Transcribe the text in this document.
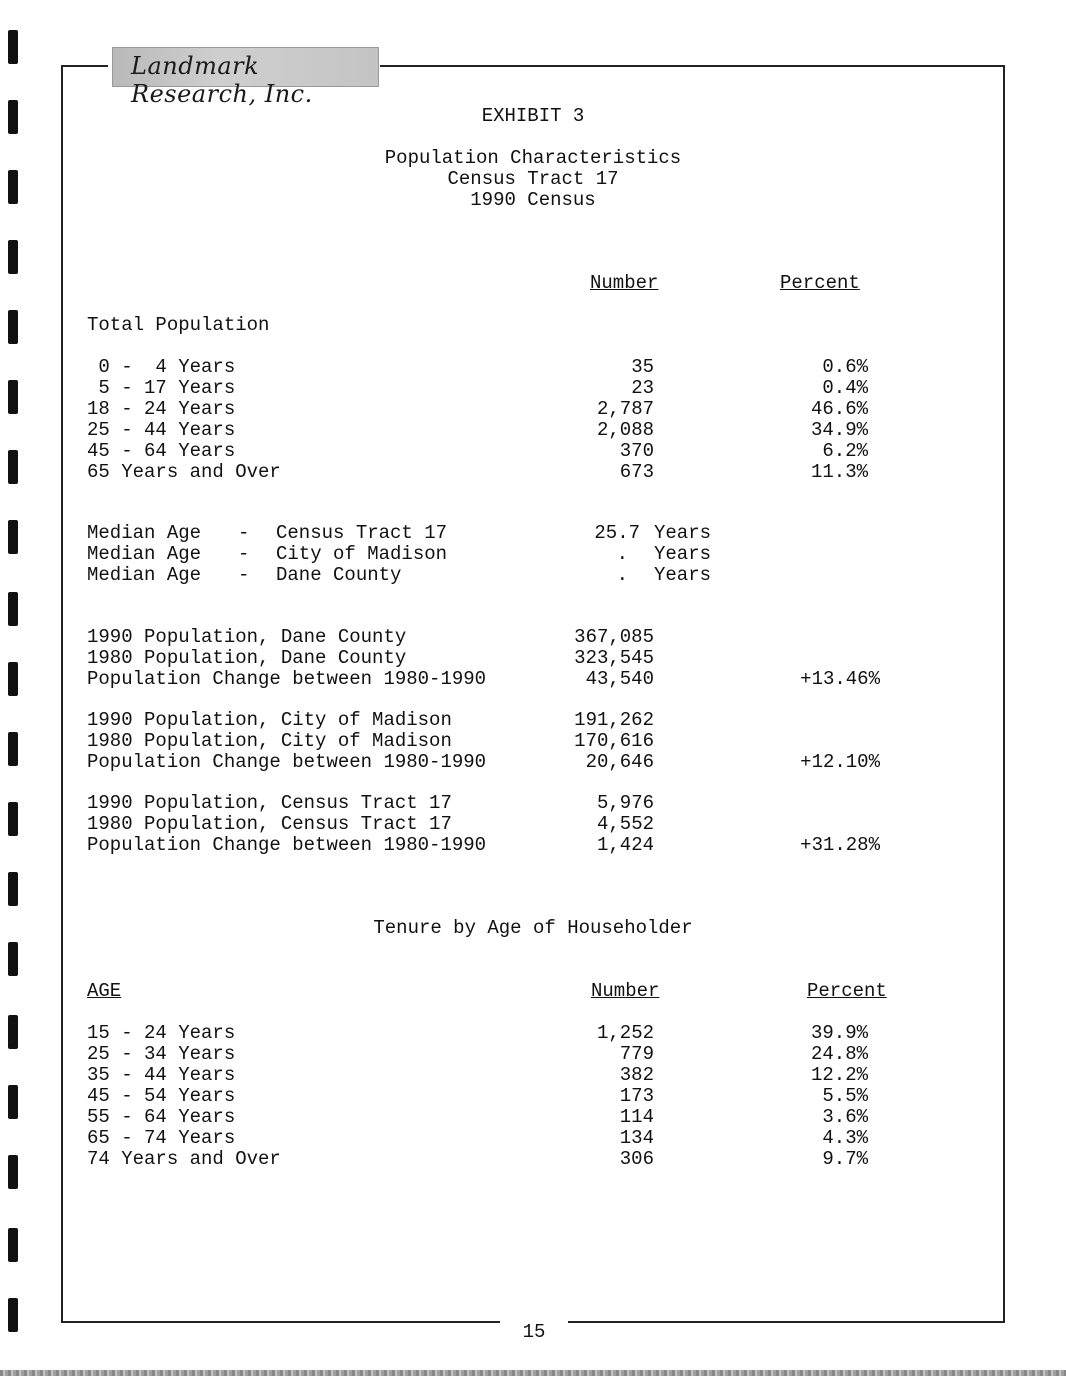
Landmark Research, Inc.
EXHIBIT 3
Population Characteristics
Census Tract 17
1990 Census
Number	Percent
Total Population
0 -  4 Years	35	0.6%
5 - 17 Years	23	0.4%
18 - 24 Years	2,787	46.6%
25 - 44 Years	2,088	34.9%
45 - 64 Years	370	6.2%
65 Years and Over	673	11.3%
Median Age - Census Tract 17	25.7 Years
Median Age - City of Madison	. Years
Median Age - Dane County	. Years
1990 Population, Dane County	367,085
1980 Population, Dane County	323,545
Population Change between 1980-1990	43,540	+13.46%
1990 Population, City of Madison	191,262
1980 Population, City of Madison	170,616
Population Change between 1980-1990	20,646	+12.10%
1990 Population, Census Tract 17	5,976
1980 Population, Census Tract 17	4,552
Population Change between 1980-1990	1,424	+31.28%
Tenure by Age of Householder
AGE	Number	Percent
15 - 24 Years	1,252	39.9%
25 - 34 Years	779	24.8%
35 - 44 Years	382	12.2%
45 - 54 Years	173	5.5%
55 - 64 Years	114	3.6%
65 - 74 Years	134	4.3%
74 Years and Over	306	9.7%
15
